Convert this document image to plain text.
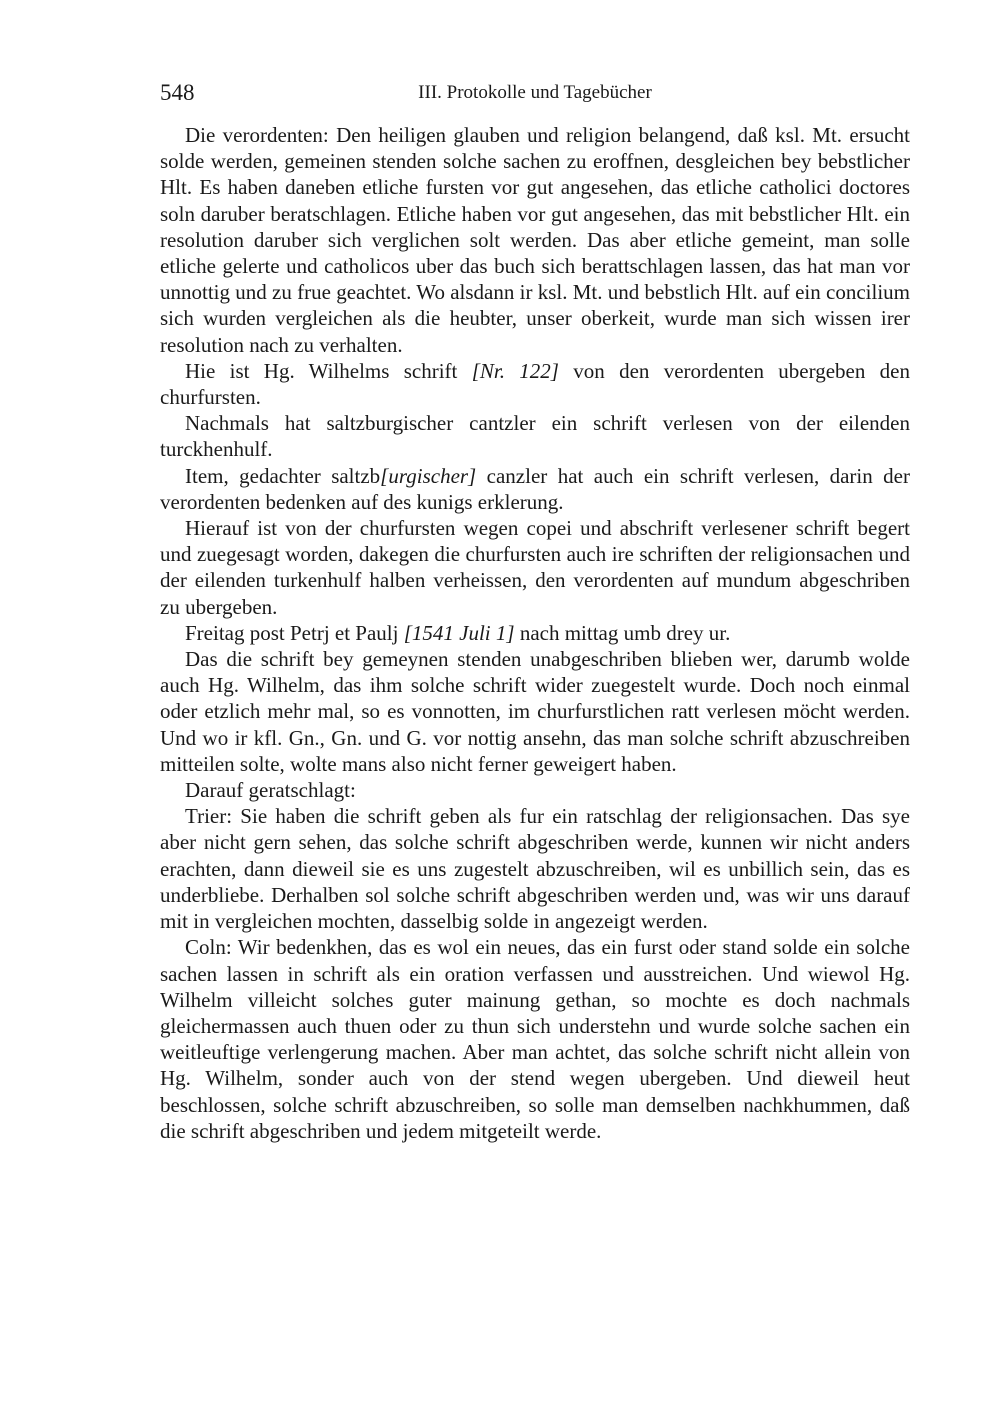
548	III. Protokolle und Tagebücher

Die verordenten: Den heiligen glauben und religion belangend, daß ksl. Mt. ersucht solde werden, gemeinen stenden solche sachen zu eroffnen, desgleichen bey bebstlicher Hlt. Es haben daneben etliche fursten vor gut angesehen, das etliche catholici doctores soln daruber beratschlagen. Etliche haben vor gut angesehen, das mit bebstlicher Hlt. ein resolution daruber sich verglichen solt werden. Das aber etliche gemeint, man solle etliche gelerte und catholicos uber das buch sich berattschlagen lassen, das hat man vor unnottig und zu frue geachtet. Wo alsdann ir ksl. Mt. und bebstlich Hlt. auf ein concilium sich wurden vergleichen als die heubter, unser oberkeit, wurde man sich wissen irer resolution nach zu verhalten.

Hie ist Hg. Wilhelms schrift [Nr. 122] von den verordenten ubergeben den churfursten.

Nachmals hat saltzburgischer cantzler ein schrift verlesen von der eilenden turckhenhulf.

Item, gedachter saltzb[urgischer] canzler hat auch ein schrift verlesen, darin der verordenten bedenken auf des kunigs erklerung.

Hierauf ist von der churfursten wegen copei und abschrift verlesener schrift begert und zuegesagt worden, dakegen die churfursten auch ire schriften der religionsachen und der eilenden turkenhulf halben verheissen, den verordenten auf mundum abgeschriben zu ubergeben.

Freitag post Petrj et Paulj [1541 Juli 1] nach mittag umb drey ur.

Das die schrift bey gemeynen stenden unabgeschriben blieben wer, darumb wolde auch Hg. Wilhelm, das ihm solche schrift wider zuegestelt wurde. Doch noch einmal oder etzlich mehr mal, so es vonnotten, im churfurstlichen ratt verlesen möcht werden. Und wo ir kfl. Gn., Gn. und G. vor nottig ansehn, das man solche schrift abzuschreiben mitteilen solte, wolte mans also nicht ferner geweigert haben.

Darauf geratschlagt:

Trier: Sie haben die schrift geben als fur ein ratschlag der religionsachen. Das sye aber nicht gern sehen, das solche schrift abgeschriben werde, kunnen wir nicht anders erachten, dann dieweil sie es uns zugestelt abzuschreiben, wil es unbillich sein, das es underbliebe. Derhalben sol solche schrift abgeschriben werden und, was wir uns darauf mit in vergleichen mochten, dasselbig solde in angezeigt werden.

Coln: Wir bedenkhen, das es wol ein neues, das ein furst oder stand solde ein solche sachen lassen in schrift als ein oration verfassen und ausstreichen. Und wiewol Hg. Wilhelm villeicht solches guter mainung gethan, so mochte es doch nachmals gleichermassen auch thuen oder zu thun sich understehn und wurde solche sachen ein weitleuftige verlengerung machen. Aber man achtet, das solche schrift nicht allein von Hg. Wilhelm, sonder auch von der stend wegen ubergeben. Und dieweil heut beschlossen, solche schrift abzuschreiben, so solle man demselben nachkhummen, daß die schrift abgeschriben und jedem mitgeteilt werde.
